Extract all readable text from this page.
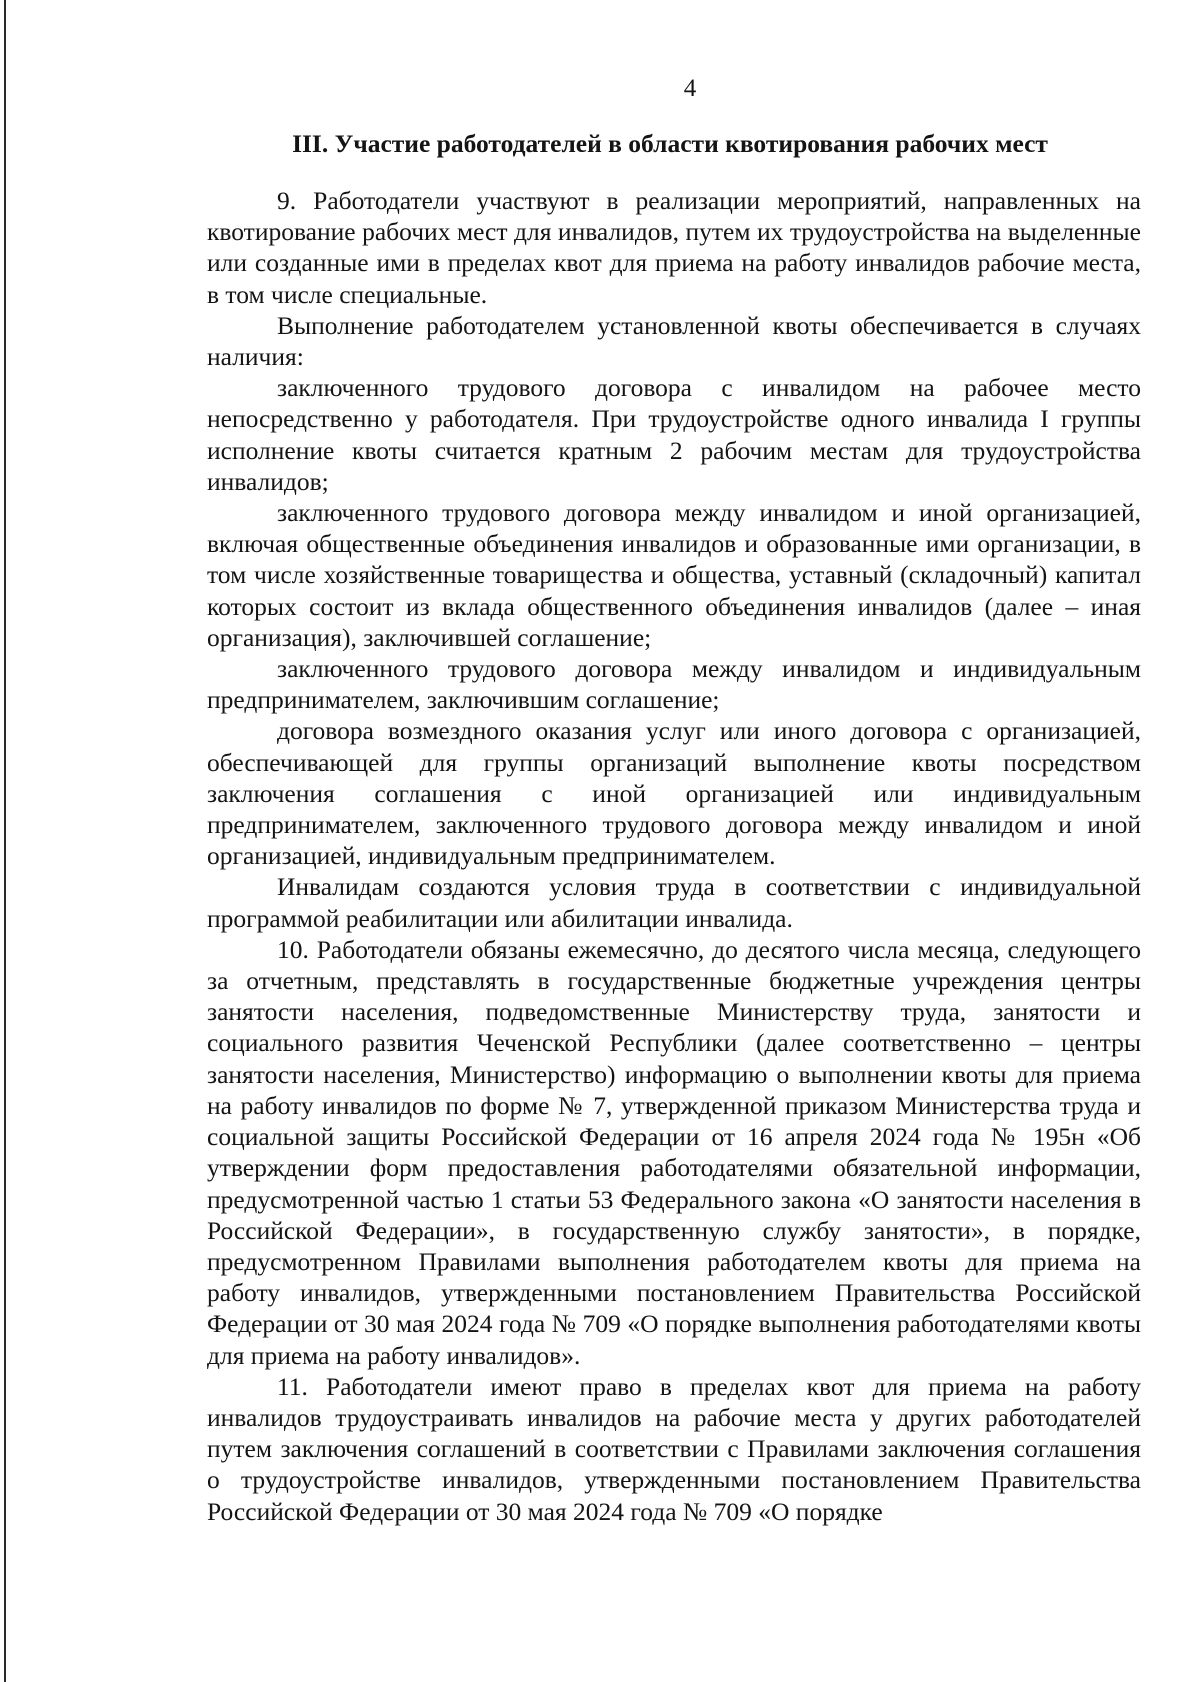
4
III. Участие работодателей в области квотирования рабочих мест

9. Работодатели участвуют в реализации мероприятий, направленных на квотирование рабочих мест для инвалидов, путем их трудоустройства на выделенные или созданные ими в пределах квот для приема на работу инвалидов рабочие места, в том числе специальные.

Выполнение работодателем установленной квоты обеспечивается в случаях наличия:

заключенного трудового договора с инвалидом на рабочее место непосредственно у работодателя. При трудоустройстве одного инвалида I группы исполнение квоты считается кратным 2 рабочим местам для трудоустройства инвалидов;

заключенного трудового договора между инвалидом и иной организацией, включая общественные объединения инвалидов и образованные ими организации, в том числе хозяйственные товарищества и общества, уставный (складочный) капитал которых состоит из вклада общественного объединения инвалидов (далее – иная организация), заключившей соглашение;

заключенного трудового договора между инвалидом и индивидуальным предпринимателем, заключившим соглашение;

договора возмездного оказания услуг или иного договора с организацией, обеспечивающей для группы организаций выполнение квоты посредством заключения соглашения с иной организацией или индивидуальным предпринимателем, заключенного трудового договора между инвалидом и иной организацией, индивидуальным предпринимателем.

Инвалидам создаются условия труда в соответствии с индивидуальной программой реабилитации или абилитации инвалида.

10. Работодатели обязаны ежемесячно, до десятого числа месяца, следующего за отчетным, представлять в государственные бюджетные учреждения центры занятости населения, подведомственные Министерству труда, занятости и социального развития Чеченской Республики (далее соответственно – центры занятости населения, Министерство) информацию о выполнении квоты для приема на работу инвалидов по форме № 7, утвержденной приказом Министерства труда и социальной защиты Российской Федерации от 16 апреля 2024 года № 195н «Об утверждении форм предоставления работодателями обязательной информации, предусмотренной частью 1 статьи 53 Федерального закона «О занятости населения в Российской Федерации», в государственную службу занятости», в порядке, предусмотренном Правилами выполнения работодателем квоты для приема на работу инвалидов, утвержденными постановлением Правительства Российской Федерации от 30 мая 2024 года № 709 «О порядке выполнения работодателями квоты для приема на работу инвалидов».

11. Работодатели имеют право в пределах квот для приема на работу инвалидов трудоустраивать инвалидов на рабочие места у других работодателей путем заключения соглашений в соответствии с Правилами заключения соглашения о трудоустройстве инвалидов, утвержденными постановлением Правительства Российской Федерации от 30 мая 2024 года № 709 «О порядке
